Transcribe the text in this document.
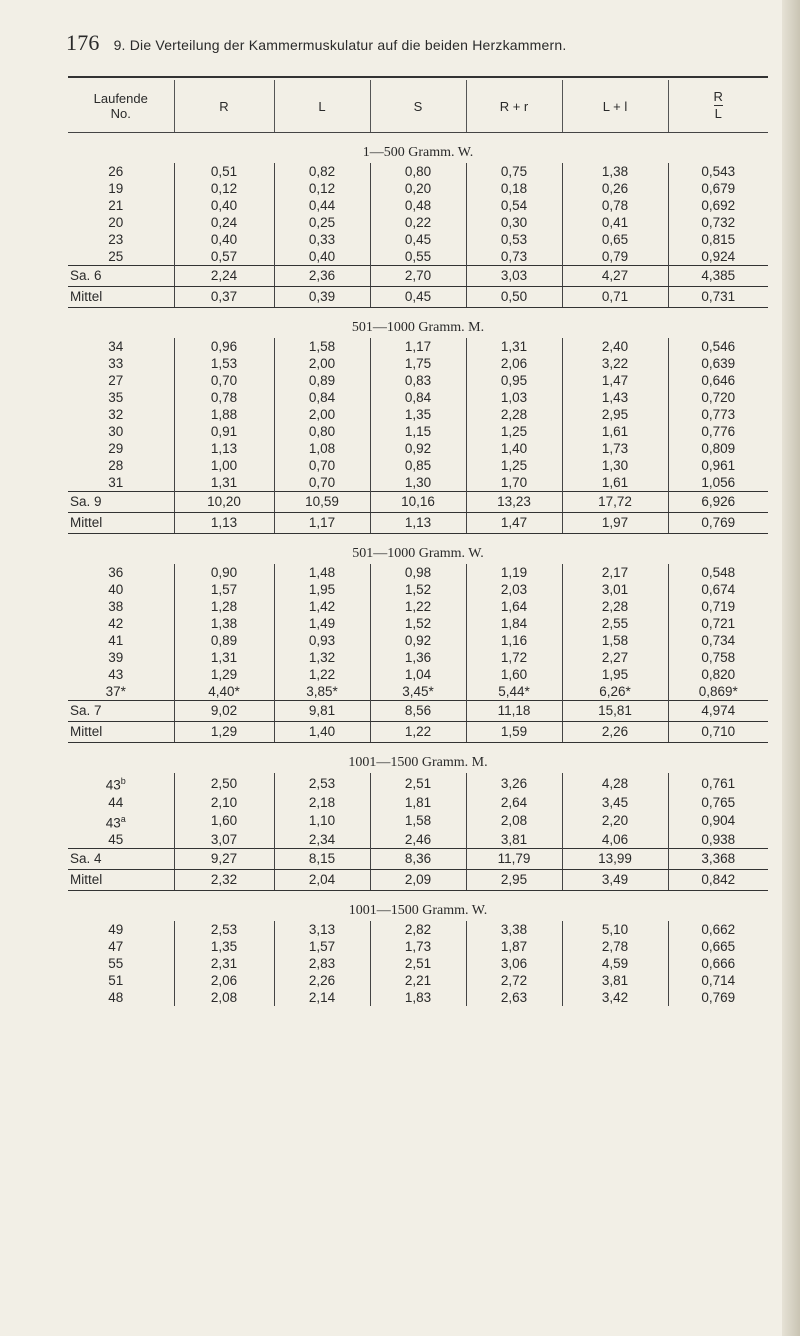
176 9. Die Verteilung der Kammermuskulatur auf die beiden Herzkammern.

Laufende No.	R	L	S	R + r	L + l	$\frac{R}{L}$
1—500 Gramm. W.						
26	0,51	0,82	0,80	0,75	1,38	0,543
19	0,12	0,12	0,20	0,18	0,26	0,679
21	0,40	0,44	0,48	0,54	0,78	0,692
20	0,24	0,25	0,22	0,30	0,41	0,732
23	0,40	0,33	0,45	0,53	0,65	0,815
25	0,57	0,40	0,55	0,73	0,79	0,924
Sa. 6	2,24	2,36	2,70	3,03	4,27	4,385
Mittel	0,37	0,39	0,45	0,50	0,71	0,731
501—1000 Gramm. M.						
34	0,96	1,58	1,17	1,31	2,40	0,546
33	1,53	2,00	1,75	2,06	3,22	0,639
27	0,70	0,89	0,83	0,95	1,47	0,646
35	0,78	0,84	0,84	1,03	1,43	0,720
32	1,88	2,00	1,35	2,28	2,95	0,773
30	0,91	0,80	1,15	1,25	1,61	0,776
29	1,13	1,08	0,92	1,40	1,73	0,809
28	1,00	0,70	0,85	1,25	1,30	0,961
31	1,31	0,70	1,30	1,70	1,61	1,056
Sa. 9	10,20	10,59	10,16	13,23	17,72	6,926
Mittel	1,13	1,17	1,13	1,47	1,97	0,769
501—1000 Gramm. W.						
36	0,90	1,48	0,98	1,19	2,17	0,548
40	1,57	1,95	1,52	2,03	3,01	0,674
38	1,28	1,42	1,22	1,64	2,28	0,719
42	1,38	1,49	1,52	1,84	2,55	0,721
41	0,89	0,93	0,92	1,16	1,58	0,734
39	1,31	1,32	1,36	1,72	2,27	0,758
43	1,29	1,22	1,04	1,60	1,95	0,820
37*	4,40*	3,85*	3,45*	5,44*	6,26*	0,869*
Sa. 7	9,02	9,81	8,56	11,18	15,81	4,974
Mittel	1,29	1,40	1,22	1,59	2,26	0,710
1001—1500 Gramm. M.						
43$^b$	2,50	2,53	2,51	3,26	4,28	0,761
44	2,10	2,18	1,81	2,64	3,45	0,765
43$^a$	1,60	1,10	1,58	2,08	2,20	0,904
45	3,07	2,34	2,46	3,81	4,06	0,938
Sa. 4	9,27	8,15	8,36	11,79	13,99	3,368
Mittel	2,32	2,04	2,09	2,95	3,49	0,842
1001—1500 Gramm. W.						
49	2,53	3,13	2,82	3,38	5,10	0,662
47	1,35	1,57	1,73	1,87	2,78	0,665
55	2,31	2,83	2,51	3,06	4,59	0,666
51	2,06	2,26	2,21	2,72	3,81	0,714
48	2,08	2,14	1,83	2,63	3,42	0,769
